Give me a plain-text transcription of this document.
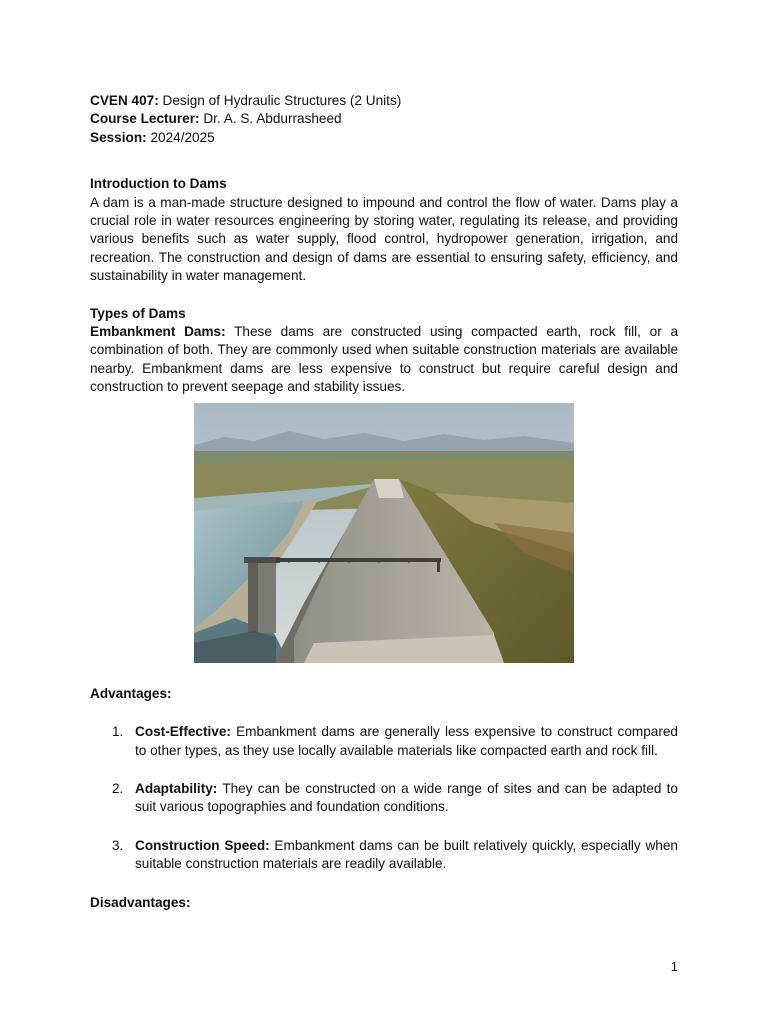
CVEN 407: Design of Hydraulic Structures (2 Units)

Course Lecturer: Dr. A. S. Abdurrasheed

Session: 2024/2025

Introduction to Dams

A dam is a man-made structure designed to impound and control the flow of water. Dams play a crucial role in water resources engineering by storing water, regulating its release, and providing various benefits such as water supply, flood control, hydropower generation, irrigation, and recreation. The construction and design of dams are essential to ensuring safety, efficiency, and sustainability in water management.

Types of Dams

Embankment Dams: These dams are constructed using compacted earth, rock fill, or a combination of both. They are commonly used when suitable construction materials are available nearby. Embankment dams are less expensive to construct but require careful design and construction to prevent seepage and stability issues.

Advantages:

1. Cost-Effective: Embankment dams are generally less expensive to construct compared to other types, as they use locally available materials like compacted earth and rock fill.
2. Adaptability: They can be constructed on a wide range of sites and can be adapted to suit various topographies and foundation conditions.
3. Construction Speed: Embankment dams can be built relatively quickly, especially when suitable construction materials are readily available.

Disadvantages:

1
